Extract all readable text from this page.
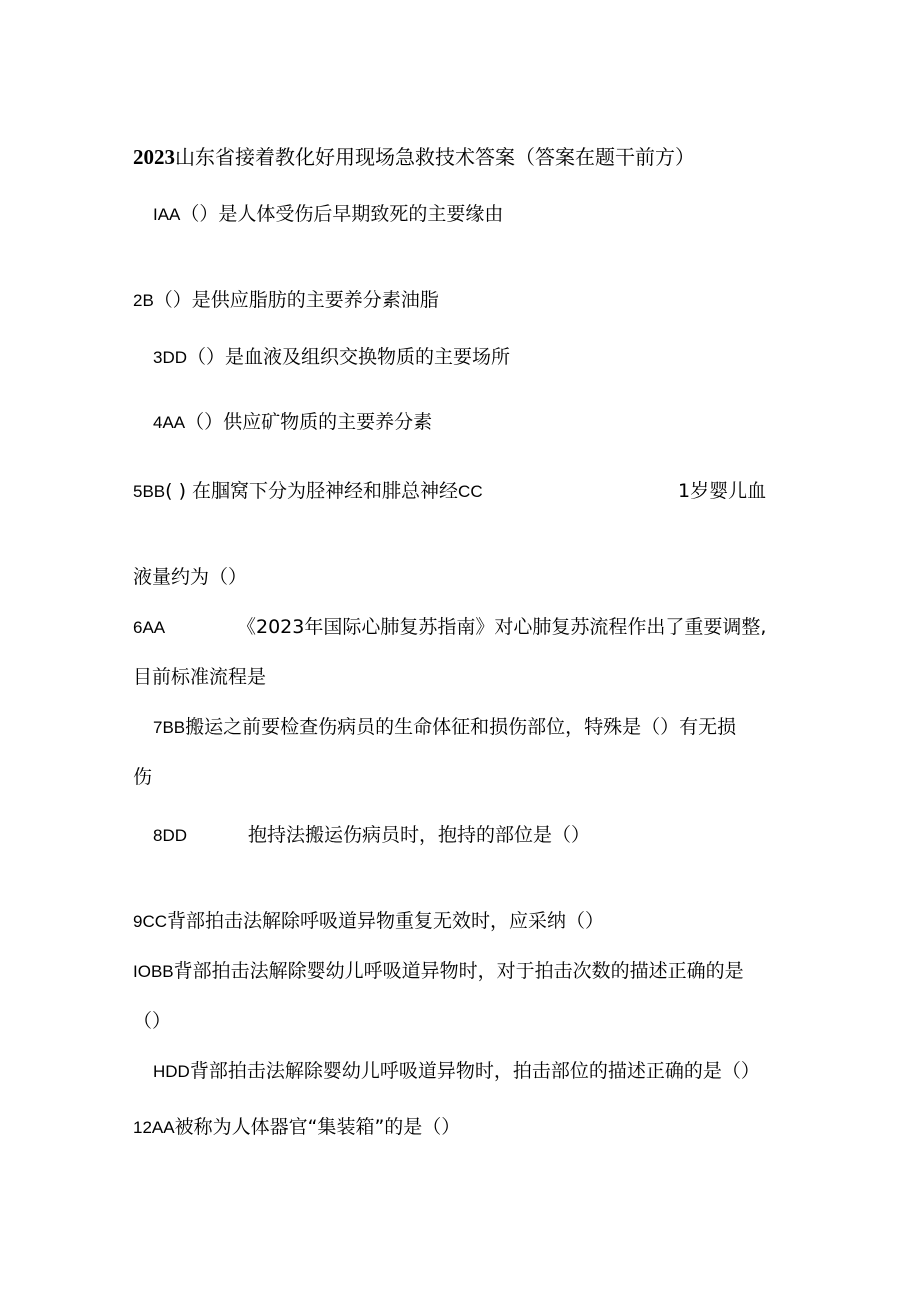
2023山东省接着教化好用现场急救技术答案（答案在题干前方）
IAA（）是人体受伤后早期致死的主要缘由
2B（）是供应脂肪的主要养分素油脂
3DD（）是血液及组织交换物质的主要场所
4AA（）供应矿物质的主要养分素
5BB( ) 在腘窝下分为胫神经和腓总神经CC	1岁婴儿血
液量约为（）
6AA	《2023年国际心肺复苏指南》对心肺复苏流程作出了重要调整,
目前标准流程是
7BB搬运之前要检查伤病员的生命体征和损伤部位，特殊是（）有无损
伤
8DD	抱持法搬运伤病员时，抱持的部位是（）
9CC背部拍击法解除呼吸道异物重复无效时，应采纳（）
IOBB背部拍击法解除婴幼儿呼吸道异物时，对于拍击次数的描述正确的是
（）
HDD背部拍击法解除婴幼儿呼吸道异物时，拍击部位的描述正确的是（）
12AA被称为人体器官“集装箱”的是（）
